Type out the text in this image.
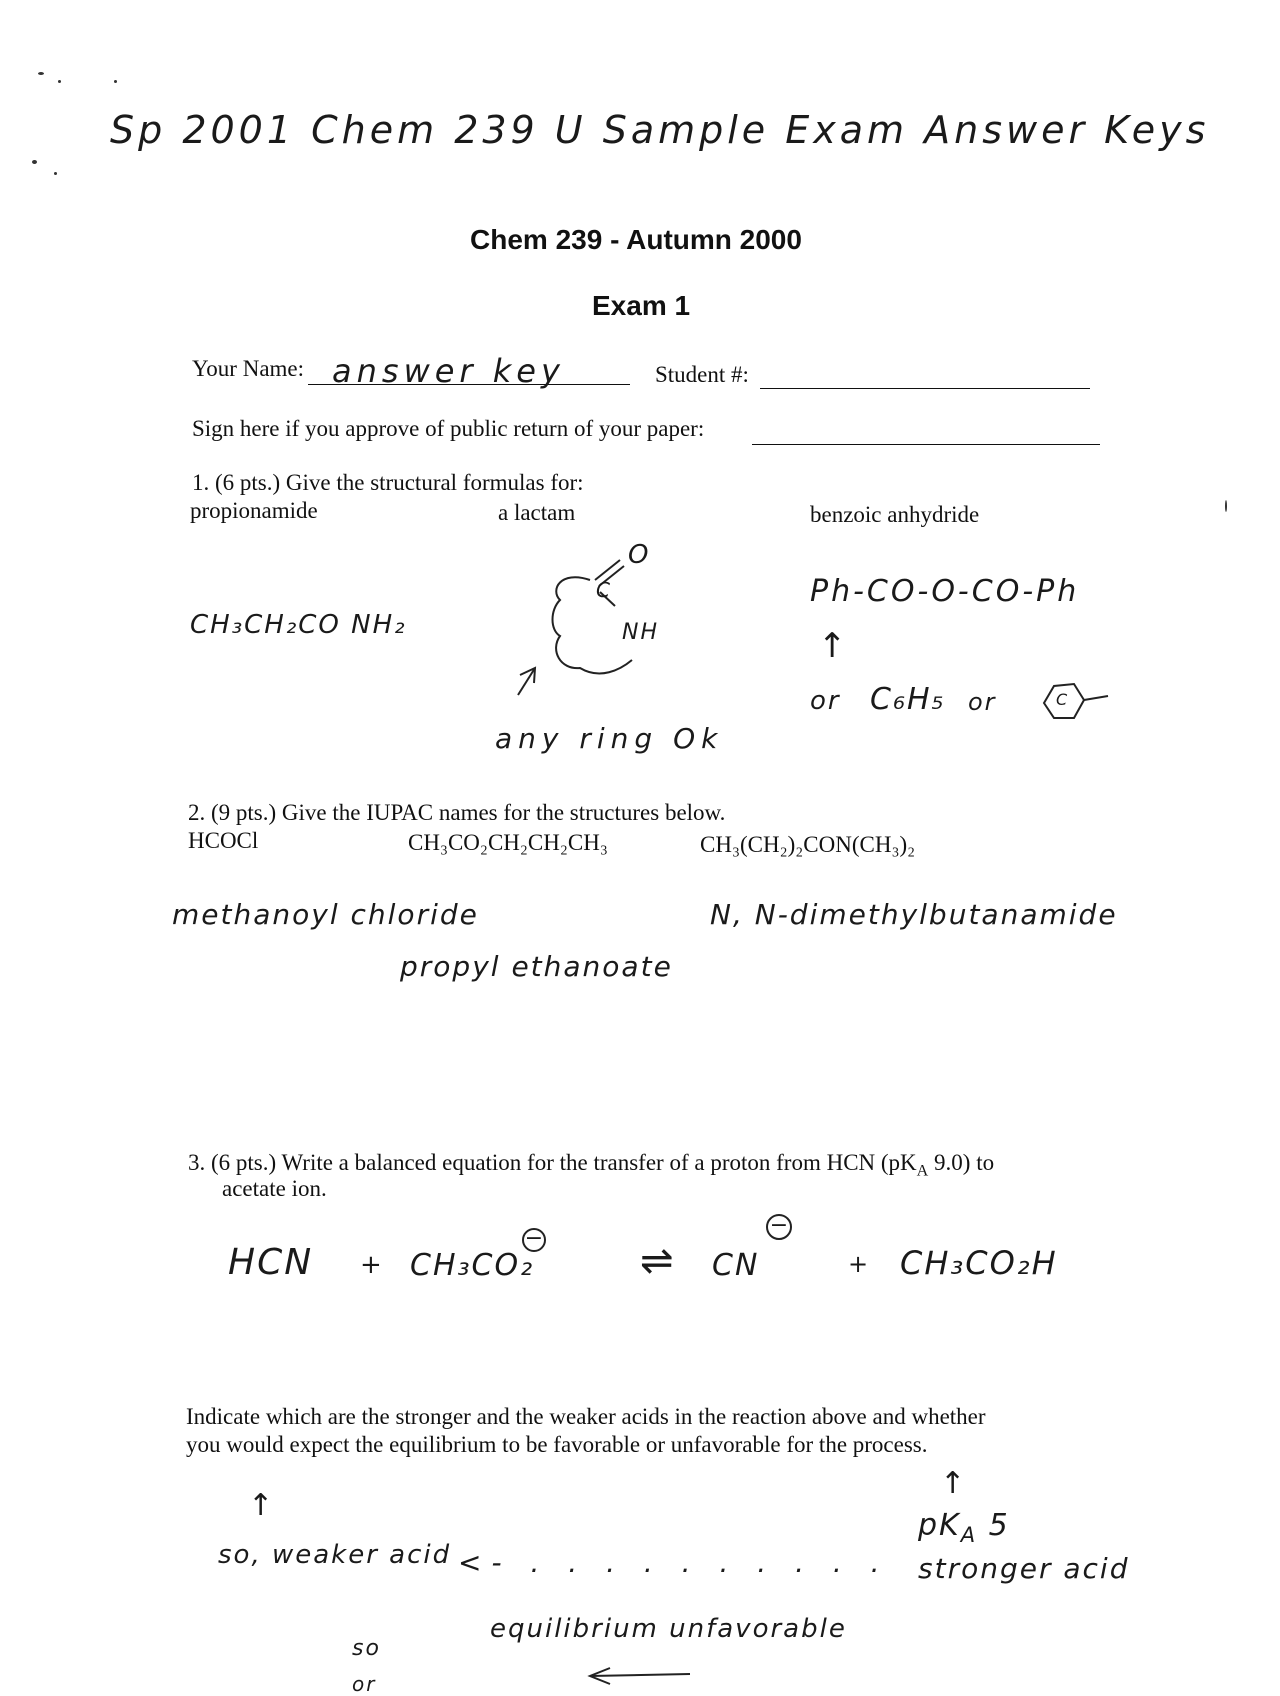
Sp 2001 Chem 239 U Sample Exam Answer Keys
Chem 239 - Autumn 2000
Exam 1
Your Name: answer key	Student #:
Sign here if you approve of public return of your paper:
1. (6 pts.) Give the structural formulas for:
propionamide	a lactam	benzoic anhydride
CH₃CH₂CO NH₂
O
C
NH
any ring Ok
Ph-CO-O-CO-Ph
↑
or C₆H₅ or	C
2. (9 pts.) Give the IUPAC names for the structures below.
HCOCl	CH₃CO₂CH₂CH₂CH₃	CH₃(CH₂)₂CON(CH₃)₂
methanoyl chloride
propyl ethanoate
N, N-dimethylbutanamide
3. (6 pts.) Write a balanced equation for the transfer of a proton from HCN ($pK_A$ 9.0) to
acetate ion.
HCN + CH₃CO₂
− ⇌ CN
−
+ CH₃CO₂H
Indicate which are the stronger and the weaker acids in the reaction above and whether
you would expect the equilibrium to be favorable or unfavorable for the process.
↑
↑
so, weaker acid <- . . . . . . . . . .
$pK_A$ 5
stronger acid
equilibrium unfavorable
so
or
